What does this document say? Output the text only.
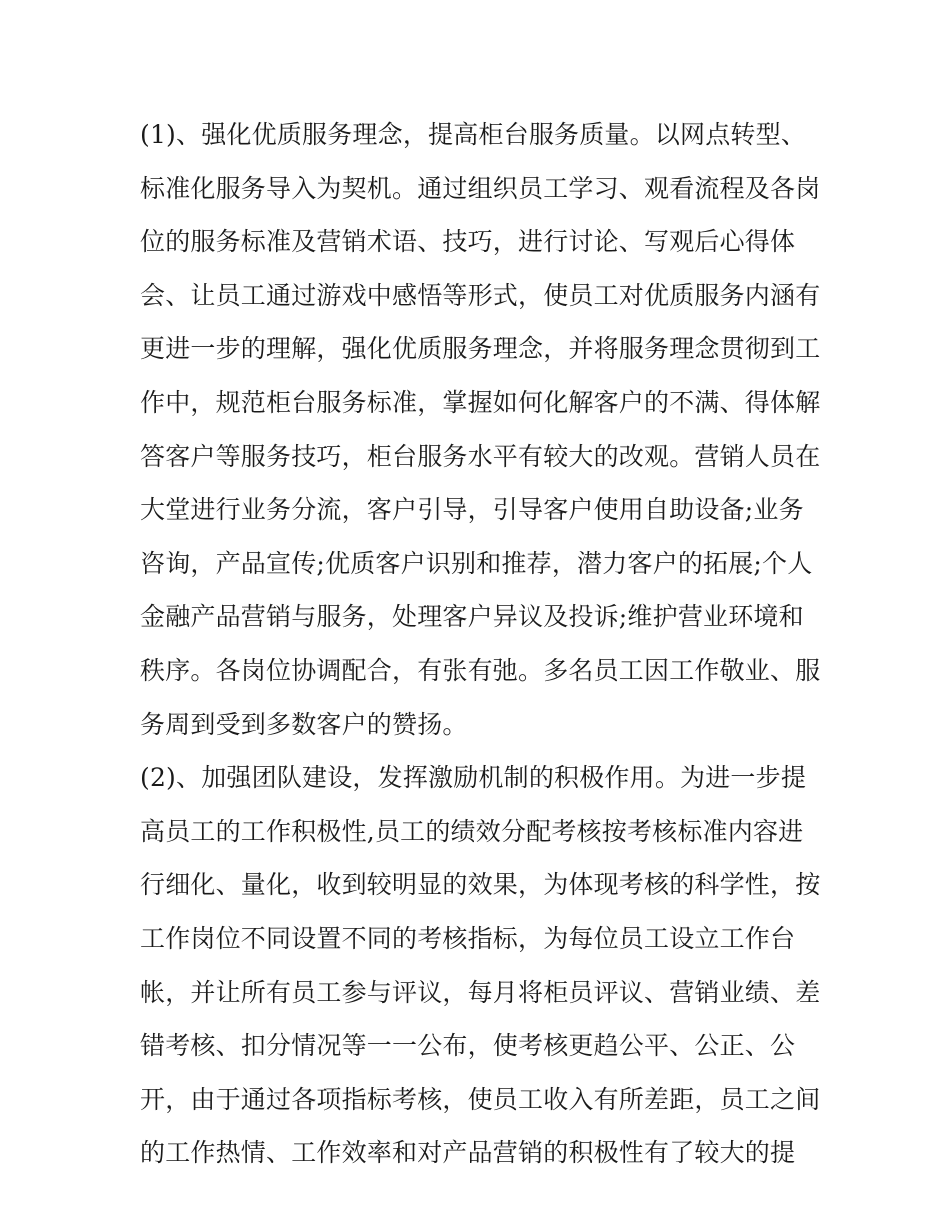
(1)、强化优质服务理念，提高柜台服务质量。以网点转型、
标准化服务导入为契机。通过组织员工学习、观看流程及各岗
位的服务标准及营销术语、技巧，进行讨论、写观后心得体
会、让员工通过游戏中感悟等形式，使员工对优质服务内涵有
更进一步的理解，强化优质服务理念，并将服务理念贯彻到工
作中，规范柜台服务标准，掌握如何化解客户的不满、得体解
答客户等服务技巧，柜台服务水平有较大的改观。营销人员在
大堂进行业务分流，客户引导，引导客户使用自助设备;业务
咨询，产品宣传;优质客户识别和推荐，潜力客户的拓展;个人
金融产品营销与服务，处理客户异议及投诉;维护营业环境和
秩序。各岗位协调配合，有张有弛。多名员工因工作敬业、服
务周到受到多数客户的赞扬。
(2)、加强团队建设，发挥激励机制的积极作用。为进一步提
高员工的工作积极性,员工的绩效分配考核按考核标准内容进
行细化、量化，收到较明显的效果，为体现考核的科学性，按
工作岗位不同设置不同的考核指标，为每位员工设立工作台
帐，并让所有员工参与评议，每月将柜员评议、营销业绩、差
错考核、扣分情况等一一公布，使考核更趋公平、公正、公
开，由于通过各项指标考核，使员工收入有所差距，员工之间
的工作热情、工作效率和对产品营销的积极性有了较大的提
